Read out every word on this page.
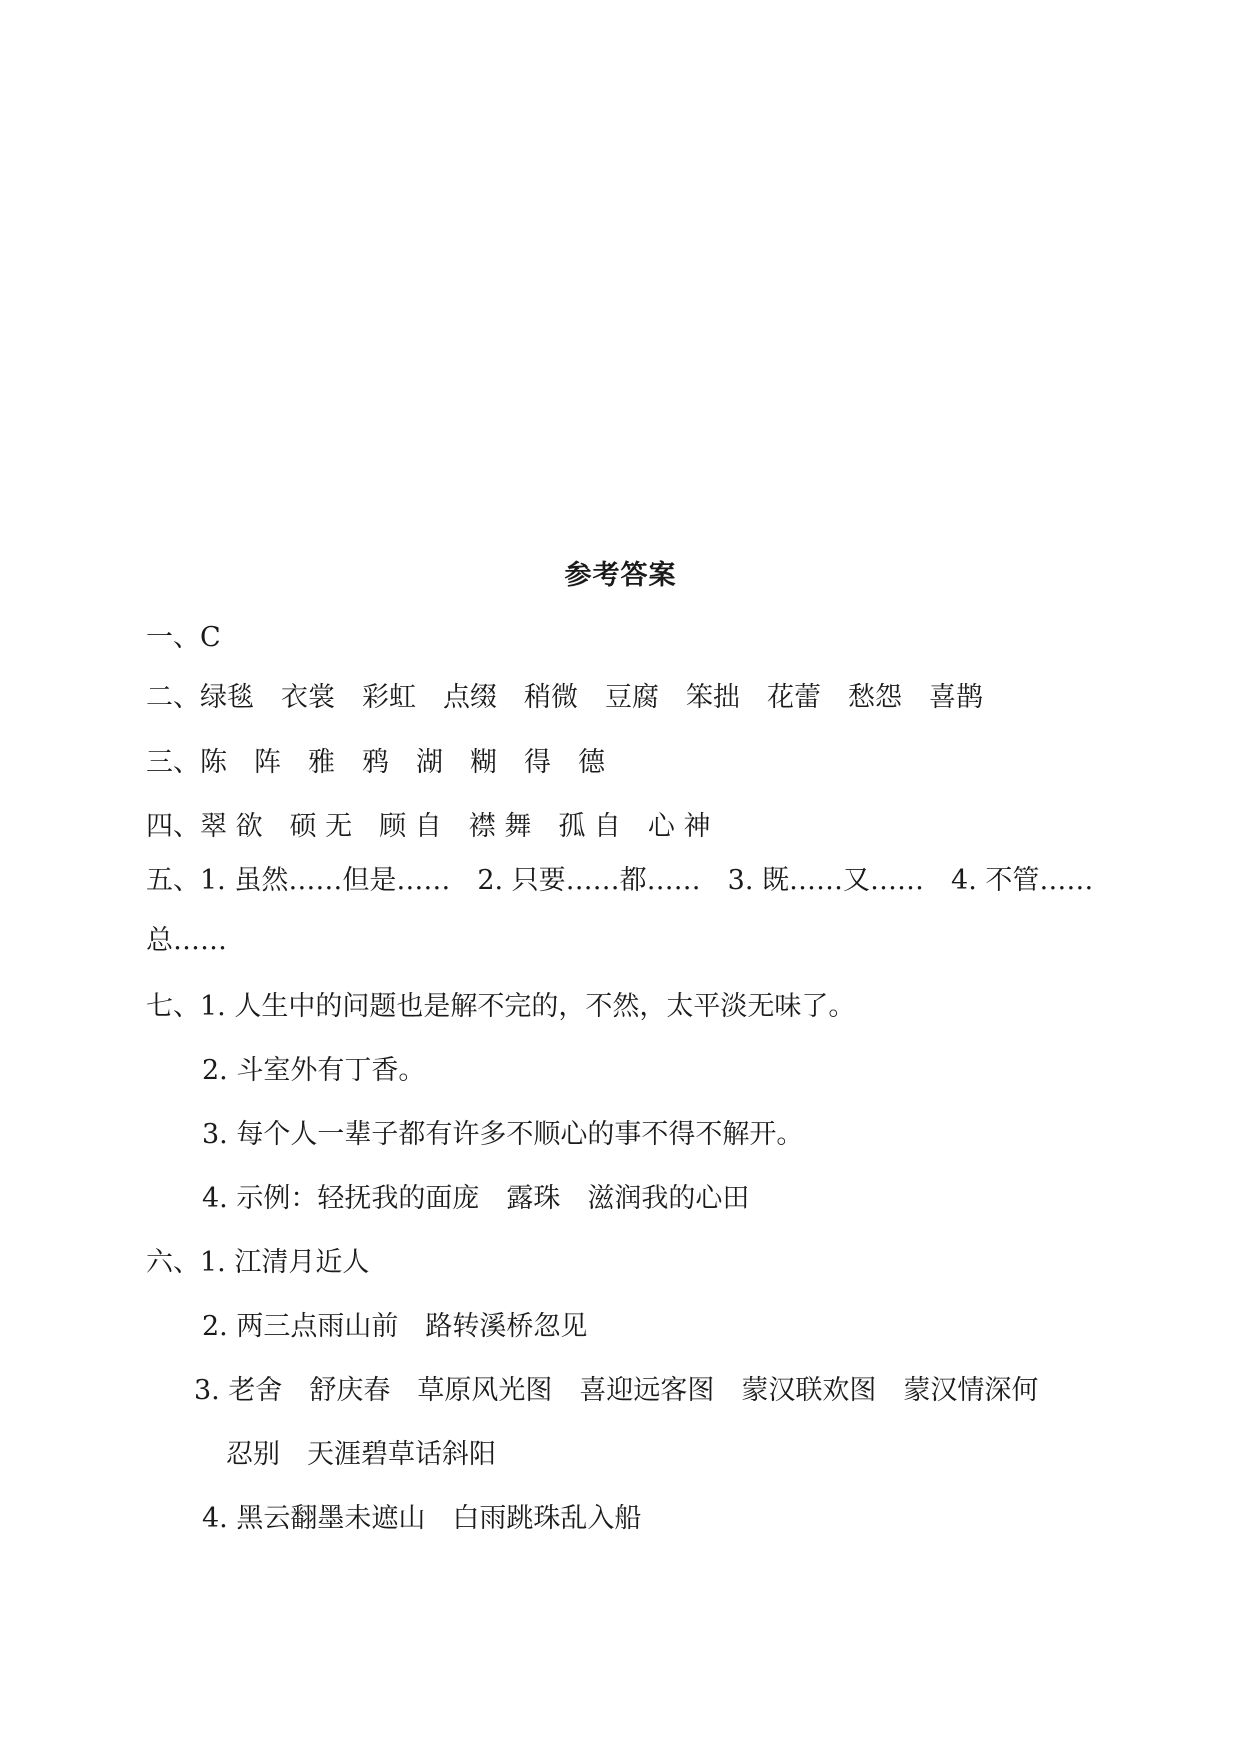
参考答案
一、C
二、绿毯　衣裳　彩虹　点缀　稍微　豆腐　笨拙　花蕾　愁怨　喜鹊
三、陈　阵　雅　鸦　湖　糊　得　德
四、翠 欲　硕 无　顾 自　襟 舞　孤 自　心 神
五、1. 虽然……但是……　2. 只要……都……　3. 既……又……　4. 不管……
总……
七、1. 人生中的问题也是解不完的，不然，太平淡无味了。
2. 斗室外有丁香。
3. 每个人一辈子都有许多不顺心的事不得不解开。
4. 示例：轻抚我的面庞　露珠　滋润我的心田
六、1. 江清月近人
2. 两三点雨山前　路转溪桥忽见
3. 老舍　舒庆春　草原风光图　喜迎远客图　蒙汉联欢图　蒙汉情深何
忍别　天涯碧草话斜阳
4. 黑云翻墨未遮山　白雨跳珠乱入船
